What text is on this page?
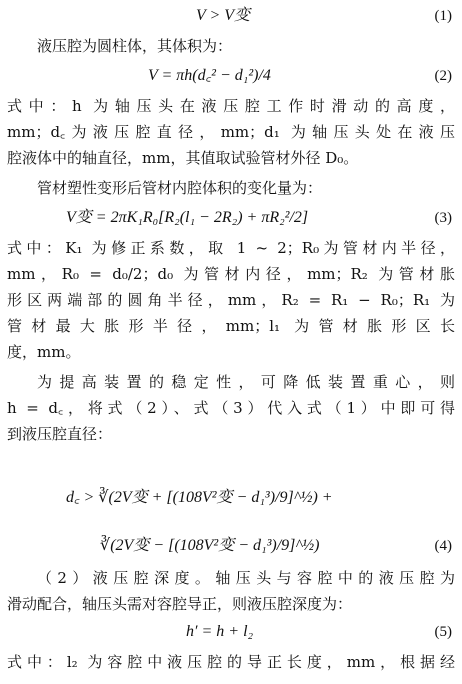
V > V变	(1)
液压腔为圆柱体，其体积为：
V = πh(d꜀² − d₁²)/4	(2)
式中：h 为轴压头在液压腔工作时滑动的高度，
mm；d꜀为液压腔直径，mm；d₁ 为轴压头处在液压
腔液体中的轴直径，mm，其值取试验管材外径 D₀。
管材塑性变形后管材内腔体积的变化量为：
V变 = 2πK₁R₀[R₂(l₁ − 2R₂) + πR₂²/2]	(3)
式中：K₁ 为修正系数，取 1 ~ 2；R₀为管材内半径，
mm，R₀ = d₀/2；d₀ 为管材内径，mm；R₂ 为管材胀
形区两端部的圆角半径，mm，R₂ = R₁ − R₀；R₁ 为
管材最大胀形半径，mm；l₁ 为管材胀形区长
度，mm。
为提高装置的稳定性，可降低装置重心，则
h = d꜀，将式（2）、式（3）代入式（1）中即可得
到液压腔直径：
d꜀ > ∛(2V变 + [(108V²变 − d₁³)/9]^½) +
∛(2V变 − [(108V²变 − d₁³)/9]^½)	(4)
（2）液压腔深度。轴压头与容腔中的液压腔为
滑动配合，轴压头需对容腔导正，则液压腔深度为：
h′ = h + l₂	(5)
式中：l₂ 为容腔中液压腔的导正长度，mm，根据经
